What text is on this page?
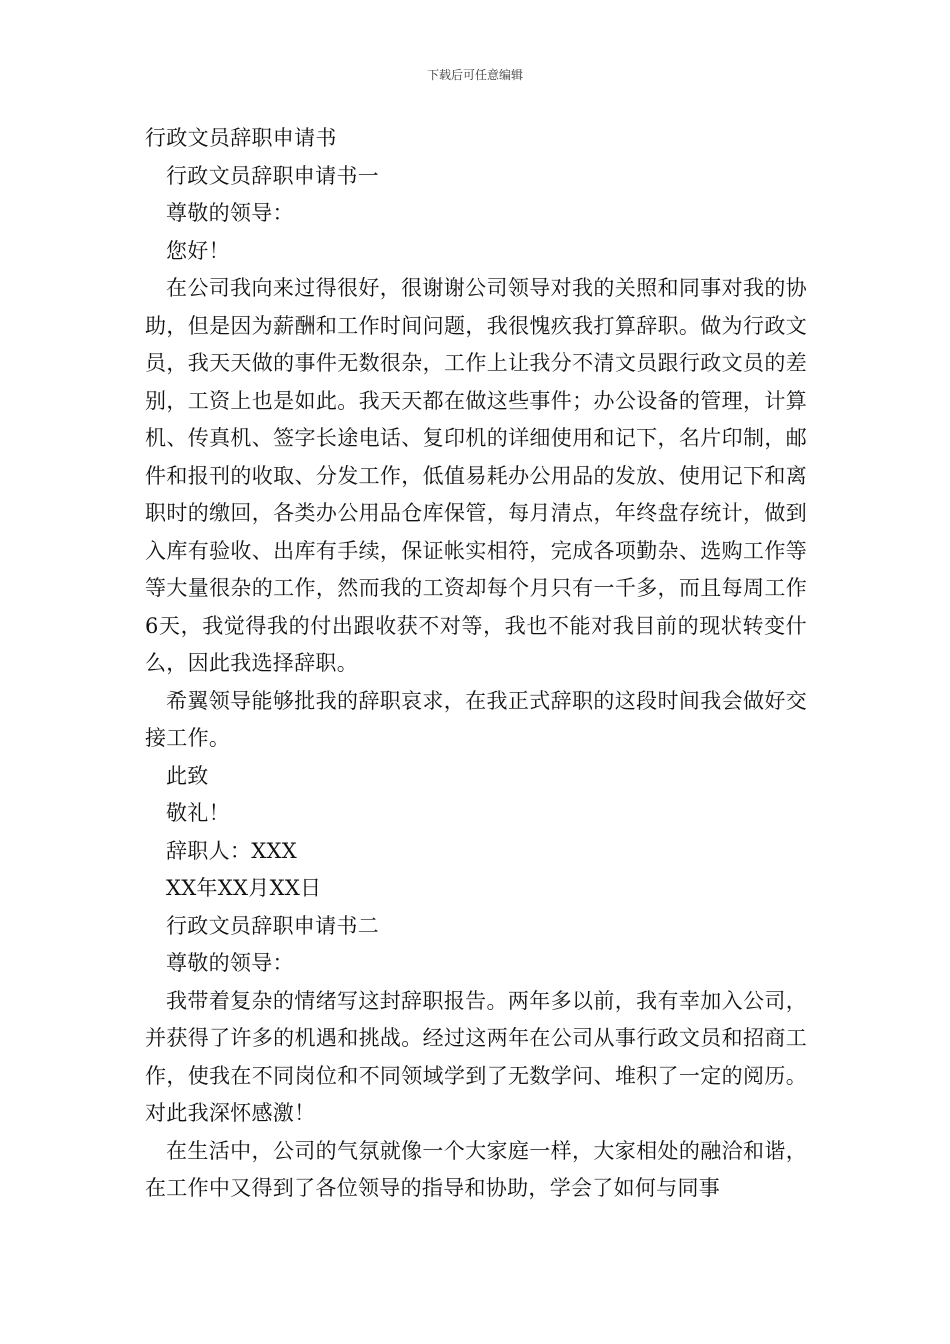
下载后可任意编辑
行政文员辞职申请书
行政文员辞职申请书一
尊敬的领导：
您好！
在公司我向来过得很好，很谢谢公司领导对我的关照和同事对我的协助，但是因为薪酬和工作时间问题，我很愧疚我打算辞职。做为行政文员，我天天做的事件无数很杂，工作上让我分不清文员跟行政文员的差别，工资上也是如此。我天天都在做这些事件；办公设备的管理，计算机、传真机、签字长途电话、复印机的详细使用和记下，名片印制，邮件和报刊的收取、分发工作，低值易耗办公用品的发放、使用记下和离职时的缴回，各类办公用品仓库保管，每月清点，年终盘存统计，做到入库有验收、出库有手续，保证帐实相符，完成各项勤杂、选购工作等等大量很杂的工作，然而我的工资却每个月只有一千多，而且每周工作6天，我觉得我的付出跟收获不对等，我也不能对我目前的现状转变什么，因此我选择辞职。
希翼领导能够批我的辞职哀求，在我正式辞职的这段时间我会做好交接工作。
此致
敬礼！
辞职人：XXX
XX年XX月XX日
行政文员辞职申请书二
尊敬的领导：
我带着复杂的情绪写这封辞职报告。两年多以前，我有幸加入公司，并获得了许多的机遇和挑战。经过这两年在公司从事行政文员和招商工作，使我在不同岗位和不同领域学到了无数学问、堆积了一定的阅历。对此我深怀感激！
在生活中，公司的气氛就像一个大家庭一样，大家相处的融洽和谐，在工作中又得到了各位领导的指导和协助，学会了如何与同事
